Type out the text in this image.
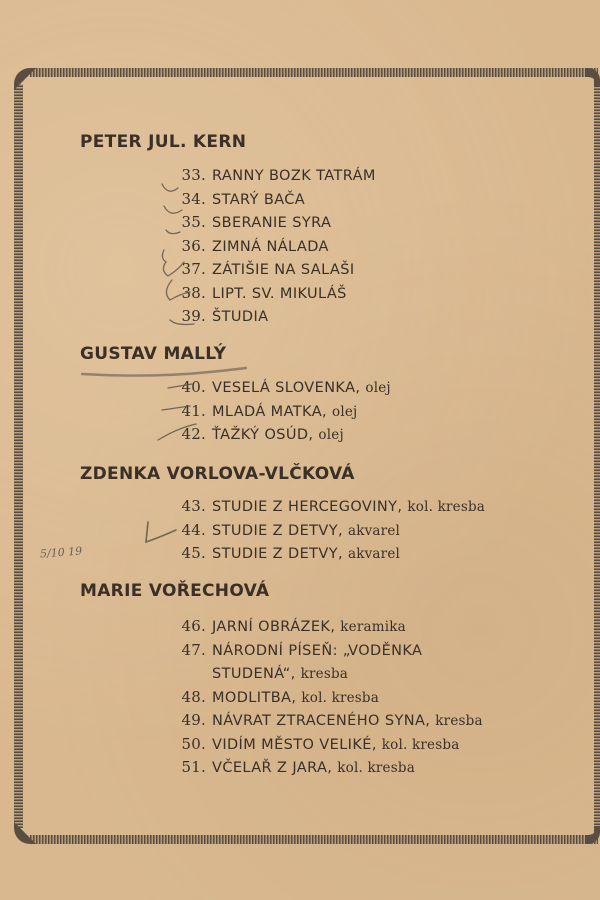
PETER JUL. KERN
33. RANNY BOZK TATRÁM
34. STARÝ BAČA
35. SBERANIE SYRA
36. ZIMNÁ NÁLADA
37. ZÁTIŠIE NA SALAŠI
38. LIPT. SV. MIKULÁŠ
39. ŠTUDIA
GUSTAV MALLÝ
40. VESELÁ SLOVENKA, olej
41. MLADÁ MATKA, olej
42. ŤAŽKÝ OSÚD, olej
ZDENKA VORLOVA-VLČKOVÁ
43. STUDIE Z HERCEGOVINY, kol. kresba
44. STUDIE Z DETVY, akvarel
45. STUDIE Z DETVY, akvarel
MARIE VOŘECHOVÁ
46. JARNÍ OBRÁZEK, keramika
47. NÁRODNÍ PÍSEŇ: „VODĚNKA
STUDENÁ“, kresba
48. MODLITBA, kol. kresba
49. NÁVRAT ZTRACENÉHO SYNA, kresba
50. VIDÍM MĚSTO VELIKÉ, kol. kresba
51. VČELAŘ Z JARA, kol. kresba
5/10 19
